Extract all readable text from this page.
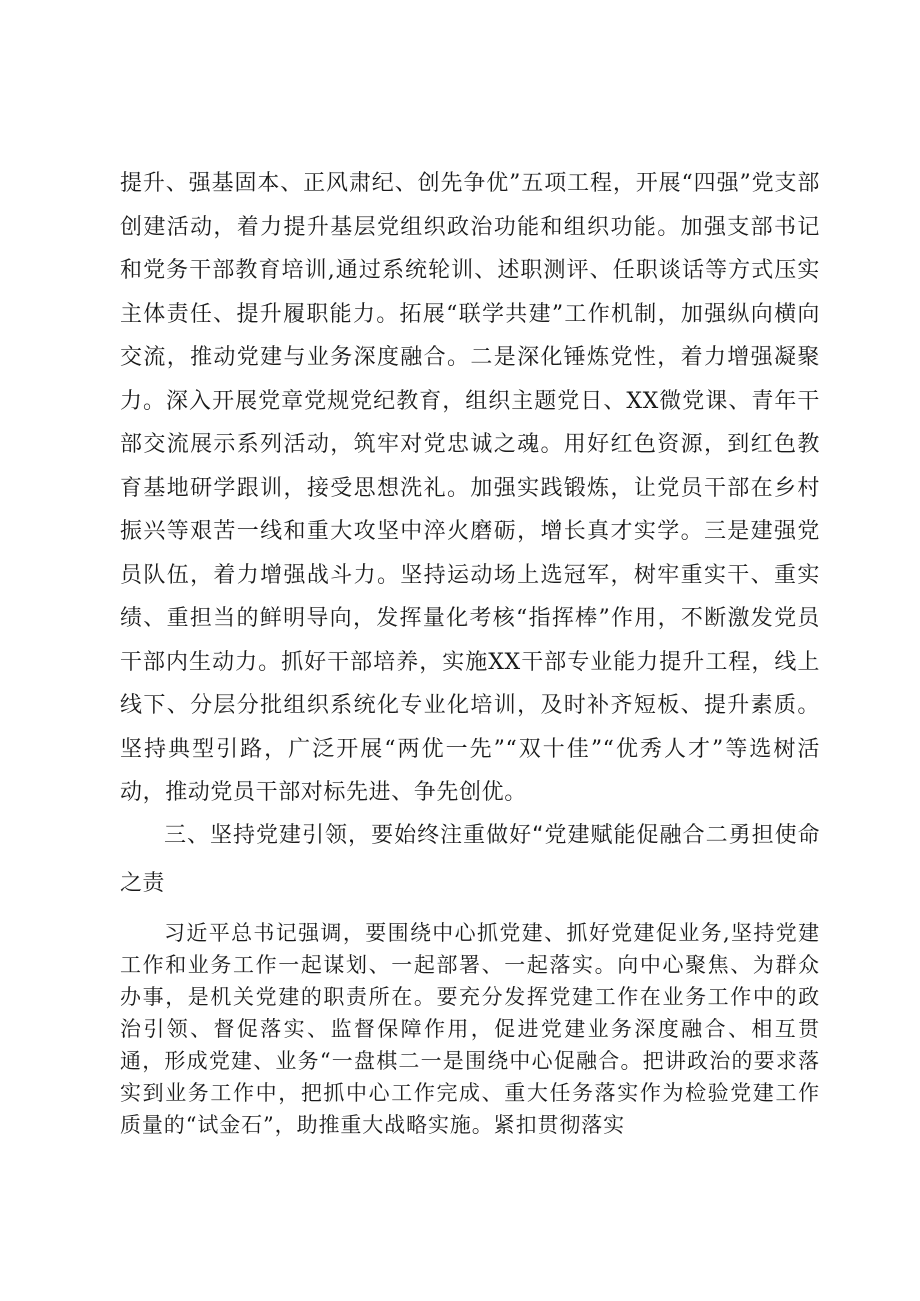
提升、强基固本、正风肃纪、创先争优”五项工程，开展“四强”党支部创建活动，着力提升基层党组织政治功能和组织功能。加强支部书记和党务干部教育培训,通过系统轮训、述职测评、任职谈话等方式压实主体责任、提升履职能力。拓展“联学共建”工作机制，加强纵向横向交流，推动党建与业务深度融合。二是深化锤炼党性，着力增强凝聚力。深入开展党章党规党纪教育，组织主题党日、XX微党课、青年干部交流展示系列活动，筑牢对党忠诚之魂。用好红色资源，到红色教育基地研学跟训，接受思想洗礼。加强实践锻炼，让党员干部在乡村振兴等艰苦一线和重大攻坚中淬火磨砺，增长真才实学。三是建强党员队伍，着力增强战斗力。坚持运动场上选冠军，树牢重实干、重实绩、重担当的鲜明导向，发挥量化考核“指挥棒”作用，不断激发党员干部内生动力。抓好干部培养，实施XX干部专业能力提升工程，线上线下、分层分批组织系统化专业化培训，及时补齐短板、提升素质。坚持典型引路，广泛开展“两优一先”“双十佳”“优秀人才”等选树活动，推动党员干部对标先进、争先创优。

三、坚持党建引领，要始终注重做好“党建赋能促融合二勇担使命之责

习近平总书记强调，要围绕中心抓党建、抓好党建促业务,坚持党建工作和业务工作一起谋划、一起部署、一起落实。向中心聚焦、为群众办事，是机关党建的职责所在。要充分发挥党建工作在业务工作中的政治引领、督促落实、监督保障作用，促进党建业务深度融合、相互贯通，形成党建、业务“一盘棋二一是围绕中心促融合。把讲政治的要求落实到业务工作中，把抓中心工作完成、重大任务落实作为检验党建工作质量的“试金石”，助推重大战略实施。紧扣贯彻落实
